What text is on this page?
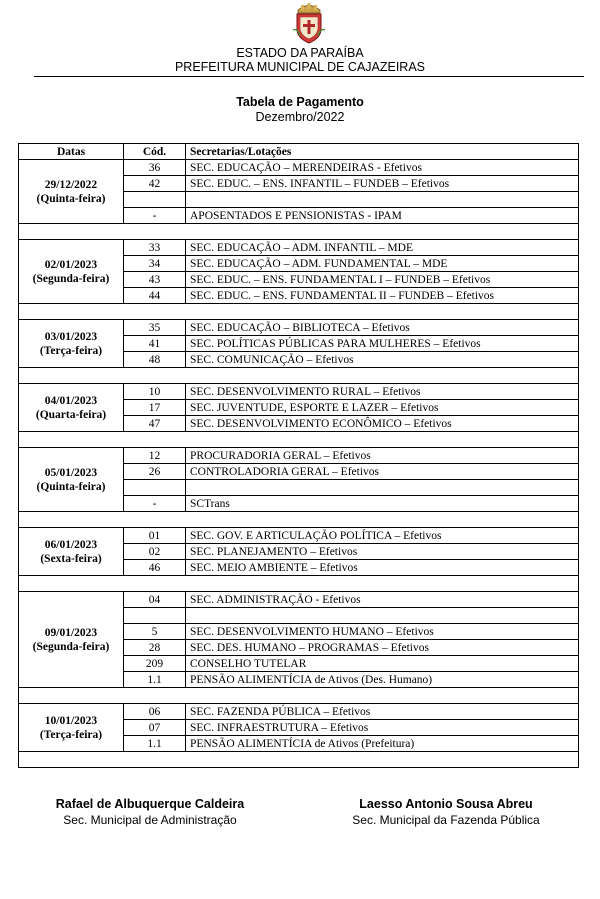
ESTADO DA PARAÍBA
PREFEITURA MUNICIPAL DE CAJAZEIRAS
Tabela de Pagamento
Dezembro/2022
Datas	Cód.	Secretarias/Lotações

29/12/2022
(Quinta-feira)	36	SEC. EDUCAÇÃO – MERENDEIRAS - Efetivos
	42	SEC. EDUC. – ENS. INFANTIL – FUNDEB – Efetivos

	-	APOSENTADOS E PENSIONISTAS - IPAM

02/01/2023
(Segunda-feira)	33	SEC. EDUCAÇÃO – ADM. INFANTIL – MDE
	34	SEC. EDUCAÇÃO – ADM. FUNDAMENTAL – MDE
	43	SEC. EDUC. – ENS. FUNDAMENTAL I – FUNDEB – Efetivos
	44	SEC. EDUC. – ENS. FUNDAMENTAL II – FUNDEB – Efetivos

03/01/2023
(Terça-feira)	35	SEC. EDUCAÇÃO – BIBLIOTECA – Efetivos
	41	SEC. POLÍTICAS PÚBLICAS PARA MULHERES – Efetivos
	48	SEC. COMUNICAÇÃO – Efetivos

04/01/2023
(Quarta-feira)	10	SEC. DESENVOLVIMENTO RURAL – Efetivos
	17	SEC. JUVENTUDE, ESPORTE E LAZER – Efetivos
	47	SEC. DESENVOLVIMENTO ECONÔMICO – Efetivos

05/01/2023
(Quinta-feira)	12	PROCURADORIA GERAL – Efetivos
	26	CONTROLADORIA GERAL – Efetivos

	-	SCTrans

06/01/2023
(Sexta-feira)	01	SEC. GOV. E ARTICULAÇÃO POLÍTICA – Efetivos
	02	SEC. PLANEJAMENTO – Efetivos
	46	SEC. MEIO AMBIENTE – Efetivos

09/01/2023
(Segunda-feira)	04	SEC. ADMINISTRAÇÃO - Efetivos

	5	SEC. DESENVOLVIMENTO HUMANO – Efetivos
	28	SEC. DES. HUMANO – PROGRAMAS – Efetivos
	209	CONSELHO TUTELAR
	1.1	PENSÃO ALIMENTÍCIA de Ativos (Des. Humano)

10/01/2023
(Terça-feira)	06	SEC. FAZENDA PÚBLICA – Efetivos
	07	SEC. INFRAESTRUTURA – Efetivos
	1.1	PENSÃO ALIMENTÍCIA de Ativos (Prefeitura)

Rafael de Albuquerque Caldeira
Sec. Municipal de Administração
Laesso Antonio Sousa Abreu
Sec. Municipal da Fazenda Pública
